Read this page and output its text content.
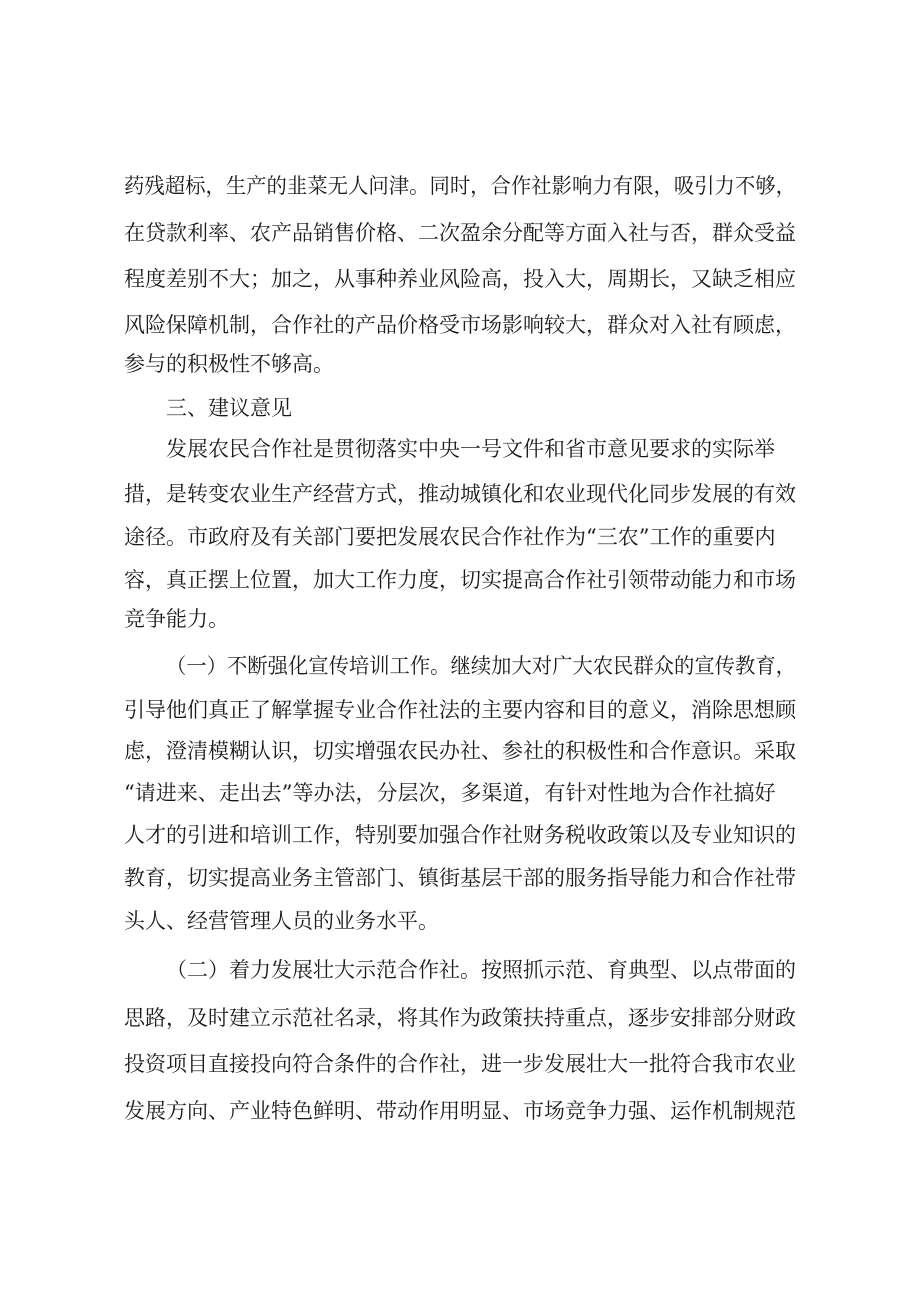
药残超标，生产的韭菜无人问津。同时，合作社影响力有限，吸引力不够，
在贷款利率、农产品销售价格、二次盈余分配等方面入社与否，群众受益
程度差别不大；加之，从事种养业风险高，投入大，周期长，又缺乏相应
风险保障机制，合作社的产品价格受市场影响较大，群众对入社有顾虑，
参与的积极性不够高。
三、建议意见
发展农民合作社是贯彻落实中央一号文件和省市意见要求的实际举
措，是转变农业生产经营方式，推动城镇化和农业现代化同步发展的有效
途径。市政府及有关部门要把发展农民合作社作为“三农”工作的重要内
容，真正摆上位置，加大工作力度，切实提高合作社引领带动能力和市场
竞争能力。
（一）不断强化宣传培训工作。继续加大对广大农民群众的宣传教育，
引导他们真正了解掌握专业合作社法的主要内容和目的意义，消除思想顾
虑，澄清模糊认识，切实增强农民办社、参社的积极性和合作意识。采取
“请进来、走出去”等办法，分层次，多渠道，有针对性地为合作社搞好
人才的引进和培训工作，特别要加强合作社财务税收政策以及专业知识的
教育，切实提高业务主管部门、镇街基层干部的服务指导能力和合作社带
头人、经营管理人员的业务水平。
（二）着力发展壮大示范合作社。按照抓示范、育典型、以点带面的
思路，及时建立示范社名录，将其作为政策扶持重点，逐步安排部分财政
投资项目直接投向符合条件的合作社，进一步发展壮大一批符合我市农业
发展方向、产业特色鲜明、带动作用明显、市场竞争力强、运作机制规范
